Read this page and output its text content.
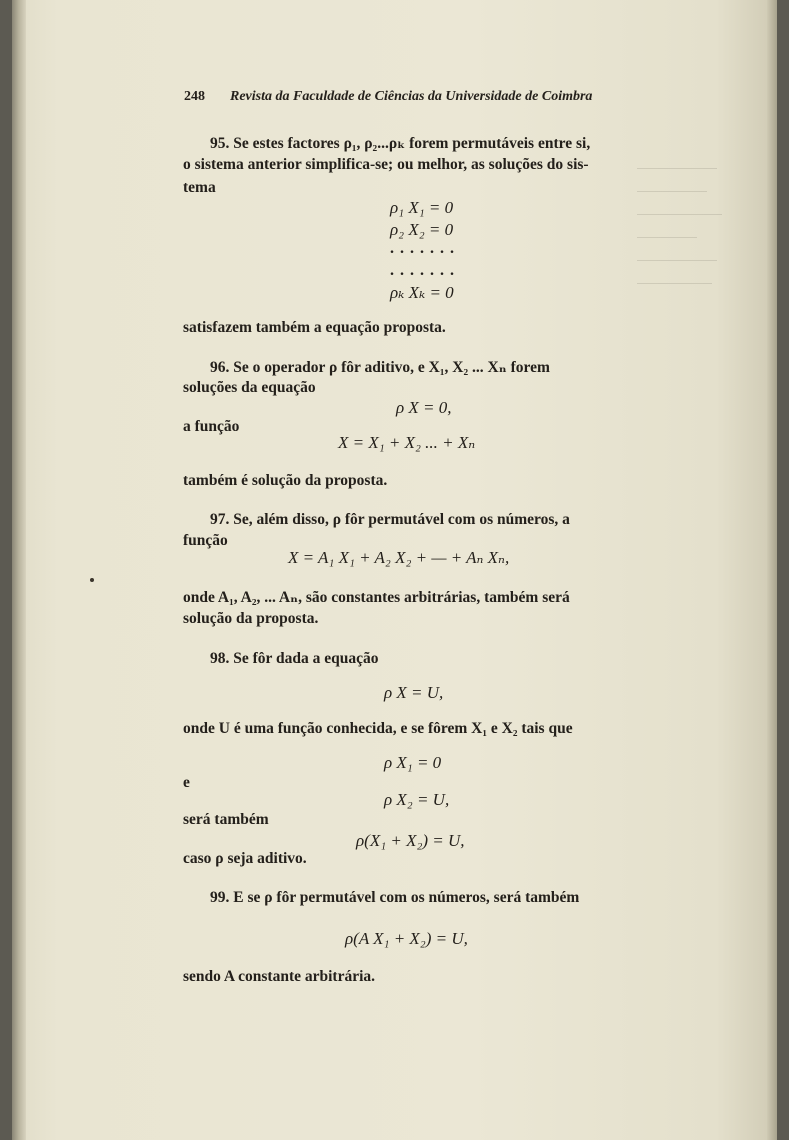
248 Revista da Faculdade de Ciências da Universidade de Coimbra
95. Se estes factores ρ₁, ρ₂...ρₖ forem permutáveis entre si,
o sistema anterior simplifica-se; ou melhor, as soluções do sis-
tema
ρ₁ X₁ = 0
ρ₂ X₂ = 0
.......
.......
ρₖ Xₖ = 0
satisfazem também a equação proposta.
96. Se o operador ρ fôr aditivo, e X₁, X₂ ... Xₙ forem
soluções da equação
ρ X = 0,
a função
X = X₁ + X₂ ... + Xₙ
também é solução da proposta.
97. Se, além disso, ρ fôr permutável com os números, a
função
X = A₁ X₁ + A₂ X₂ + — + Aₙ Xₙ,
onde A₁, A₂, ... Aₙ, são constantes arbitrárias, também será
solução da proposta.
98. Se fôr dada a equação
ρ X = U,
onde U é uma função conhecida, e se fôrem X₁ e X₂ tais que
ρ X₁ = 0
e
ρ X₂ = U,
será também
ρ(X₁ + X₂) = U,
caso ρ seja aditivo.
99. E se ρ fôr permutável com os números, será também
ρ(A X₁ + X₂) = U,
sendo A constante arbitrária.
